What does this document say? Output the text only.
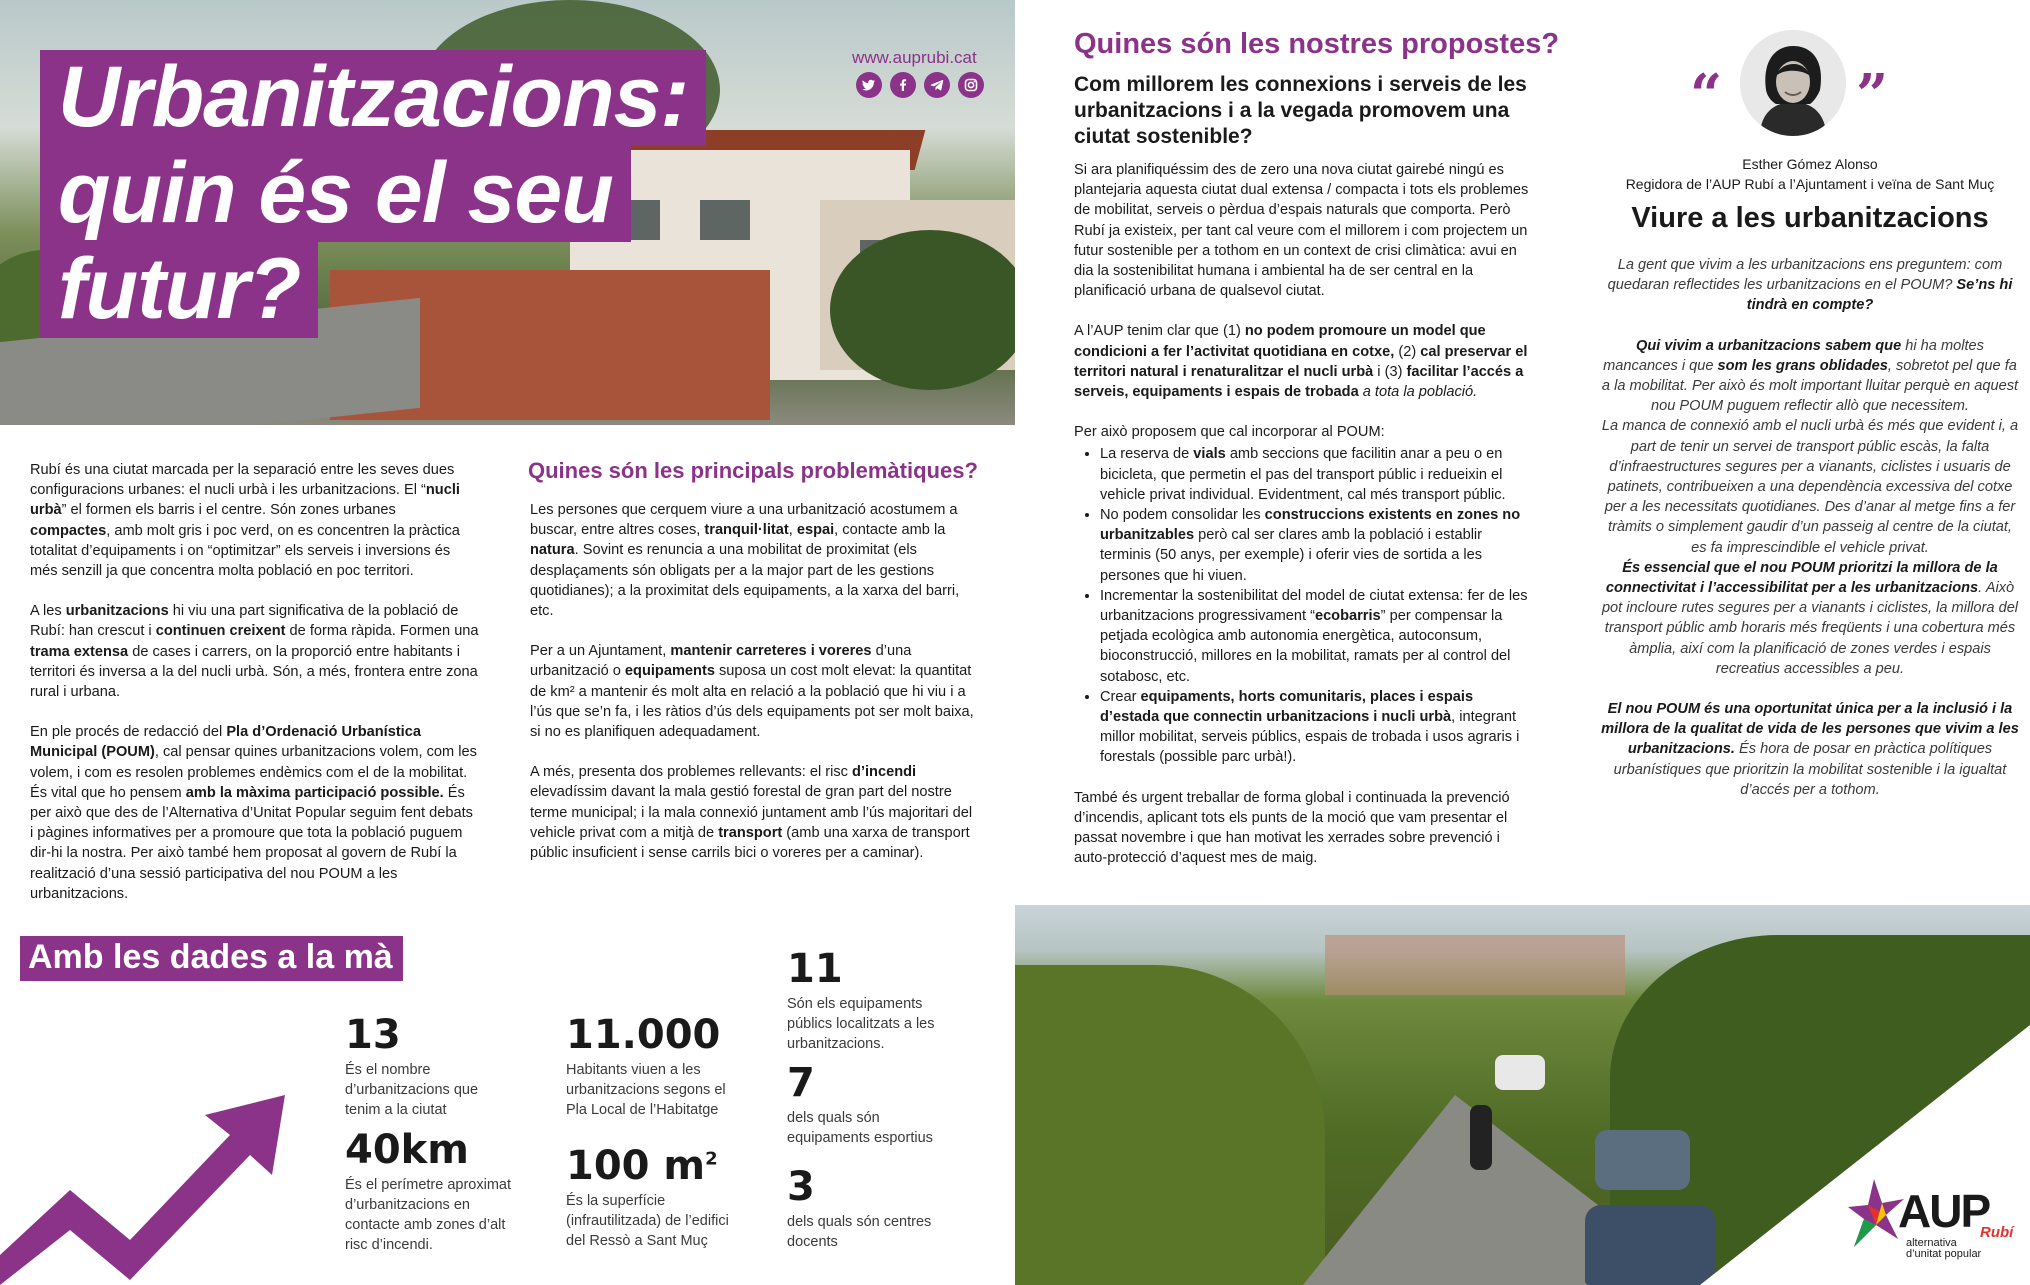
Urbanitzacions:
quin és el seu
futur?
www.auprubi.cat

Rubí és una ciutat marcada per la separació entre les seves dues configuracions urbanes: el nucli urbà i les urbanitzacions. El “nucli urbà” el formen els barris i el centre. Són zones urbanes compactes, amb molt gris i poc verd, on es concentren la pràctica totalitat d’equipaments i on “optimitzar” els serveis i inversions és més senzill ja que concentra molta població en poc territori.

A les urbanitzacions hi viu una part significativa de la població de Rubí: han crescut i continuen creixent de forma ràpida. Formen una trama extensa de cases i carrers, on la proporció entre habitants i territori és inversa a la del nucli urbà. Són, a més, frontera entre zona rural i urbana.

En ple procés de redacció del Pla d’Ordenació Urbanística Municipal (POUM), cal pensar quines urbanitzacions volem, com les volem, i com es resolen problemes endèmics com el de la mobilitat. És vital que ho pensem amb la màxima participació possible. És per això que des de l’Alternativa d’Unitat Popular seguim fent debats i pàgines informatives per a promoure que tota la població puguem dir-hi la nostra. Per això també hem proposat al govern de Rubí la realització d’una sessió participativa del nou POUM a les urbanitzacions.

Quines són les principals problemàtiques?

Les persones que cerquem viure a una urbanització acostumem a buscar, entre altres coses, tranquil·litat, espai, contacte amb la natura. Sovint es renuncia a una mobilitat de proximitat (els desplaçaments són obligats per a la major part de les gestions quotidianes); a la proximitat dels equipaments, a la xarxa del barri, etc.

Per a un Ajuntament, mantenir carreteres i voreres d’una urbanització o equipaments suposa un cost molt elevat: la quantitat de km² a mantenir és molt alta en relació a la població que hi viu i a l’ús que se’n fa, i les ràtios d’ús dels equipaments pot ser molt baixa, si no es planifiquen adequadament.

A més, presenta dos problemes rellevants: el risc d’incendi elevadíssim davant la mala gestió forestal de gran part del nostre terme municipal; i la mala connexió juntament amb l’ús majoritari del vehicle privat com a mitjà de transport (amb una xarxa de transport públic insuficient i sense carrils bici o voreres per a caminar).

Quines són les nostres propostes?
Com millorem les connexions i serveis de les urbanitzacions i a la vegada promovem una ciutat sostenible?

Si ara planifiquéssim des de zero una nova ciutat gairebé ningú es plantejaria aquesta ciutat dual extensa / compacta i tots els problemes de mobilitat, serveis o pèrdua d’espais naturals que comporta. Però Rubí ja existeix, per tant cal veure com el millorem i com projectem un futur sostenible per a tothom en un context de crisi climàtica: avui en dia la sostenibilitat humana i ambiental ha de ser central en la planificació urbana de qualsevol ciutat.

A l’AUP tenim clar que (1) no podem promoure un model que condicioni a fer l’activitat quotidiana en cotxe, (2) cal preservar el territori natural i renaturalitzar el nucli urbà i (3) facilitar l’accés a serveis, equipaments i espais de trobada a tota la població.

Per això proposem que cal incorporar al POUM:

• La reserva de vials amb seccions que facilitin anar a peu o en bicicleta, que permetin el pas del transport públic i redueixin el vehicle privat individual. Evidentment, cal més transport públic.
• No podem consolidar les construccions existents en zones no urbanitzables però cal ser clares amb la població i establir terminis (50 anys, per exemple) i oferir vies de sortida a les persones que hi viuen.
• Incrementar la sostenibilitat del model de ciutat extensa: fer de les urbanitzacions progressivament “ecobarris” per compensar la petjada ecològica amb autonomia energètica, autoconsum, bioconstrucció, millores en la mobilitat, ramats per al control del sotabosc, etc.
• Crear equipaments, horts comunitaris, places i espais d’estada que connectin urbanitzacions i nucli urbà, integrant millor mobilitat, serveis públics, espais de trobada i usos agraris i forestals (possible parc urbà!).

També és urgent treballar de forma global i continuada la prevenció d’incendis, aplicant tots els punts de la moció que vam presentar el passat novembre i que han motivat les xerrades sobre prevenció i auto-protecció d’aquest mes de maig.

“ ”
Esther Gómez Alonso
Regidora de l’AUP Rubí a l’Ajuntament i veïna de Sant Muç
Viure a les urbanitzacions

La gent que vivim a les urbanitzacions ens preguntem: com quedaran reflectides les urbanitzacions en el POUM? Se’ns hi tindrà en compte?

Qui vivim a urbanitzacions sabem que hi ha moltes mancances i que som les grans oblidades, sobretot pel que fa a la mobilitat. Per això és molt important lluitar perquè en aquest nou POUM puguem reflectir allò que necessitem.

La manca de connexió amb el nucli urbà és més que evident i, a part de tenir un servei de transport públic escàs, la falta d’infraestructures segures per a vianants, ciclistes i usuaris de patinets, contribueixen a una dependència excessiva del cotxe per a les necessitats quotidianes. Des d’anar al metge fins a fer tràmits o simplement gaudir d’un passeig al centre de la ciutat, es fa imprescindible el vehicle privat.

És essencial que el nou POUM prioritzi la millora de la connectivitat i l’accessibilitat per a les urbanitzacions. Això pot incloure rutes segures per a vianants i ciclistes, la millora del transport públic amb horaris més freqüents i una cobertura més àmplia, així com la planificació de zones verdes i espais recreatius accessibles a peu.

El nou POUM és una oportunitat única per a la inclusió i la millora de la qualitat de vida de les persones que vivim a les urbanitzacions. És hora de posar en pràctica polítiques urbanístiques que prioritzin la mobilitat sostenible i la igualtat d’accés per a tothom.

Amb les dades a la mà
13
És el nombre d’urbanitzacions que tenim a la ciutat
40km
És el perímetre aproximat d’urbanitzacions en contacte amb zones d’alt risc d’incendi.
11.000
Habitants viuen a les urbanitzacions segons el Pla Local de l’Habitatge
100 $m^2$
És la superfície (infrautilitzada) de l’edifici del Ressò a Sant Muç
11
Són els equipaments públics localitzats a les urbanitzacions.
7
dels quals són equipaments esportius
3
dels quals són centres docents
AUP
Rubí
alternativa
d’unitat popular
